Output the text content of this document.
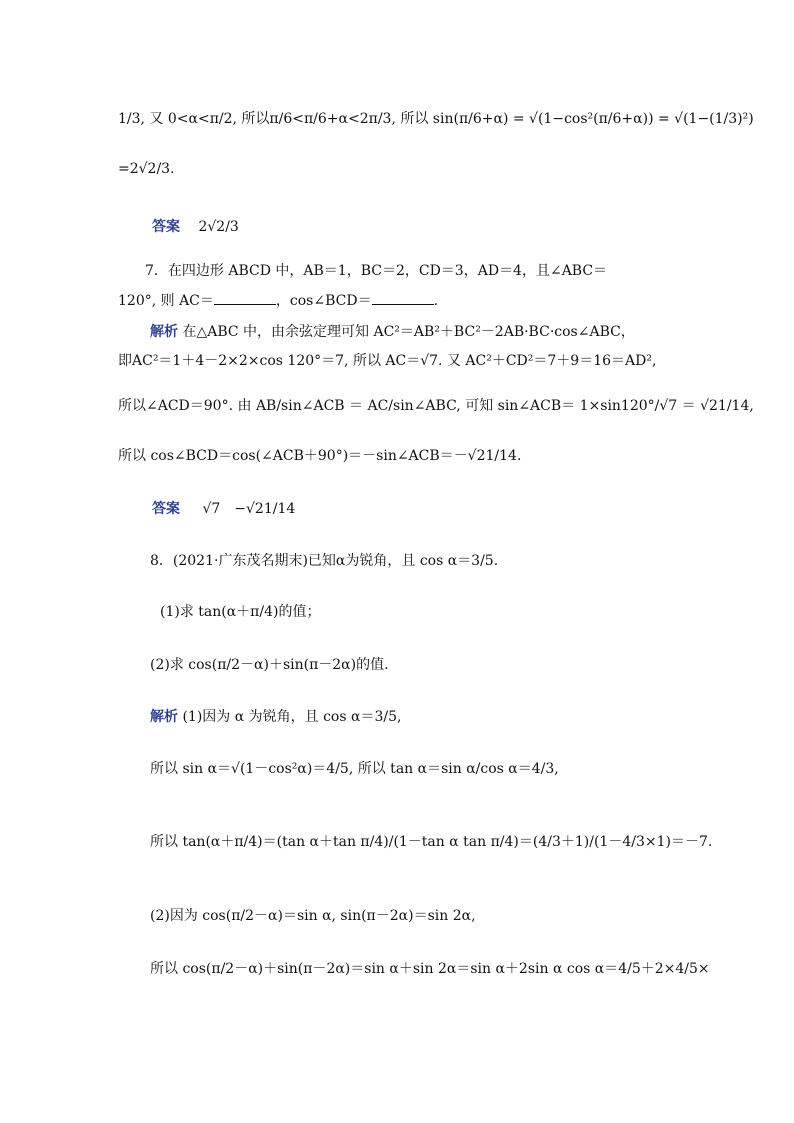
1/3, 又 0<α<π/2, 所以π/6<π/6+α<2π/3, 所以 sin(π/6+α) = √(1−cos²(π/6+α)) = √(1−(1/3)²)
=2√2/3.
答案 2√2/3
7．在四边形 ABCD 中，AB＝1，BC＝2，CD＝3，AD＝4，且∠ABC＝
120°, 则 AC＝	，cos∠BCD＝	.
解析 在△ABC 中，由余弦定理可知 AC²＝AB²＋BC²－2AB·BC·cos∠ABC，
即AC²＝1＋4－2×2×cos 120°＝7, 所以 AC＝√7. 又 AC²＋CD²＝7＋9＝16＝AD²,
所以∠ACD＝90°. 由 AB/sin∠ACB ＝ AC/sin∠ABC, 可知 sin∠ACB＝ 1×sin120°/√7 ＝ √21/14,
所以 cos∠BCD＝cos(∠ACB＋90°)＝－sin∠ACB＝－√21/14.
答案 √7　−√21/14
8．(2021·广东茂名期末)已知α为锐角，且 cos α＝3/5.
(1)求 tan(α＋π/4)的值；
(2)求 cos(π/2－α)＋sin(π－2α)的值.
解析 (1)因为 α 为锐角，且 cos α＝3/5,
所以 sin α＝√(1－cos²α)＝4/5, 所以 tan α＝sin α/cos α＝4/3,
所以 tan(α＋π/4)＝(tan α＋tan π/4)/(1－tan α tan π/4)＝(4/3＋1)/(1－4/3×1)＝－7.
(2)因为 cos(π/2－α)＝sin α, sin(π－2α)＝sin 2α,
所以 cos(π/2－α)＋sin(π－2α)＝sin α＋sin 2α＝sin α＋2sin α cos α＝4/5＋2×4/5×
